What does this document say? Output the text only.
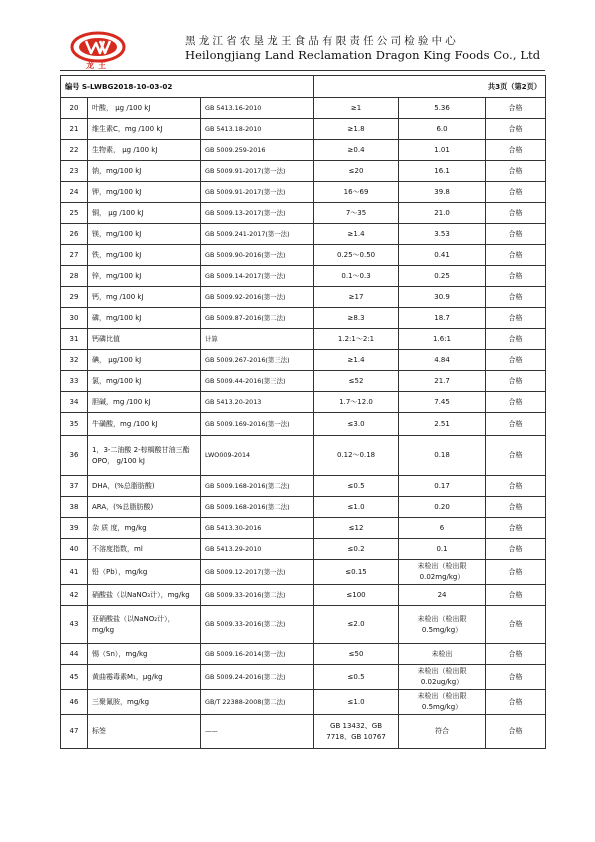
龙王
黑龙江省农垦龙王食品有限责任公司检验中心
Heilongjiang Land Reclamation Dragon King Foods Co., Ltd
编号 S-LWBG2018-10-03-02			共3页（第2页）		
20	叶酸， µg /100 kJ	GB 5413.16-2010	≥1	5.36	合格
21	维生素C，mg /100 kJ	GB 5413.18-2010	≥1.8	6.0	合格
22	生物素， µg /100 kJ	GB 5009.259-2016	≥0.4	1.01	合格
23	钠，mg/100 kJ	GB 5009.91-2017(第一法)	≤20	16.1	合格
24	钾，mg/100 kJ	GB 5009.91-2017(第一法)	16～69	39.8	合格
25	铜， µg /100 kJ	GB 5009.13-2017(第一法)	7～35	21.0	合格
26	镁，mg/100 kJ	GB 5009.241-2017(第一法)	≥1.4	3.53	合格
27	铁，mg/100 kJ	GB 5009.90-2016(第一法)	0.25～0.50	0.41	合格
28	锌，mg/100 kJ	GB 5009.14-2017(第一法)	0.1～0.3	0.25	合格
29	钙，mg /100 kJ	GB 5009.92-2016(第一法)	≥17	30.9	合格
30	磷，mg/100 kJ	GB 5009.87-2016(第二法)	≥8.3	18.7	合格
31	钙磷比值	计算	1.2:1～2:1	1.6:1	合格
32	碘， µg/100 kJ	GB 5009.267-2016(第三法)	≥1.4	4.84	合格
33	氯，mg/100 kJ	GB 5009.44-2016(第三法)	≤52	21.7	合格
34	胆碱，mg /100 kJ	GB 5413.20-2013	1.7～12.0	7.45	合格
35	牛磺酸，mg /100 kJ	GB 5009.169-2016(第一法)	≤3.0	2.51	合格
36	1，3-二油酸 2-棕榈酸甘油三酯 OPO， g/100 kJ	LWO009-2014	0.12～0.18	0.18	合格
37	DHA，(%总脂肪酸)	GB 5009.168-2016(第二法)	≤0.5	0.17	合格
38	ARA，(%总脂肪酸)	GB 5009.168-2016(第二法)	≤1.0	0.20	合格
39	杂 质 度，mg/kg	GB 5413.30-2016	≤12	6	合格
40	不溶度指数，ml	GB 5413.29-2010	≤0.2	0.1	合格
41	铅（Pb），mg/kg	GB 5009.12-2017(第一法)	≤0.15	未检出（检出限0.02mg/kg）	合格
42	硝酸盐（以NaNO₃计），mg/kg	GB 5009.33-2016(第二法)	≤100	24	合格
43	亚硝酸盐（以NaNO₂计），mg/kg	GB 5009.33-2016(第二法)	≤2.0	未检出（检出限0.5mg/kg）	合格
44	锡（Sn），mg/kg	GB 5009.16-2014(第一法)	≤50	未检出	合格
45	黄曲霉毒素M₁，µg/kg	GB 5009.24-2016(第二法)	≤0.5	未检出（检出限0.02ug/kg）	合格
46	三聚氰胺，mg/kg	GB/T 22388-2008(第二法)	≤1.0	未检出（检出限0.5mg/kg）	合格
47	标签	——	GB 13432、GB 7718、GB 10767	符合	合格
